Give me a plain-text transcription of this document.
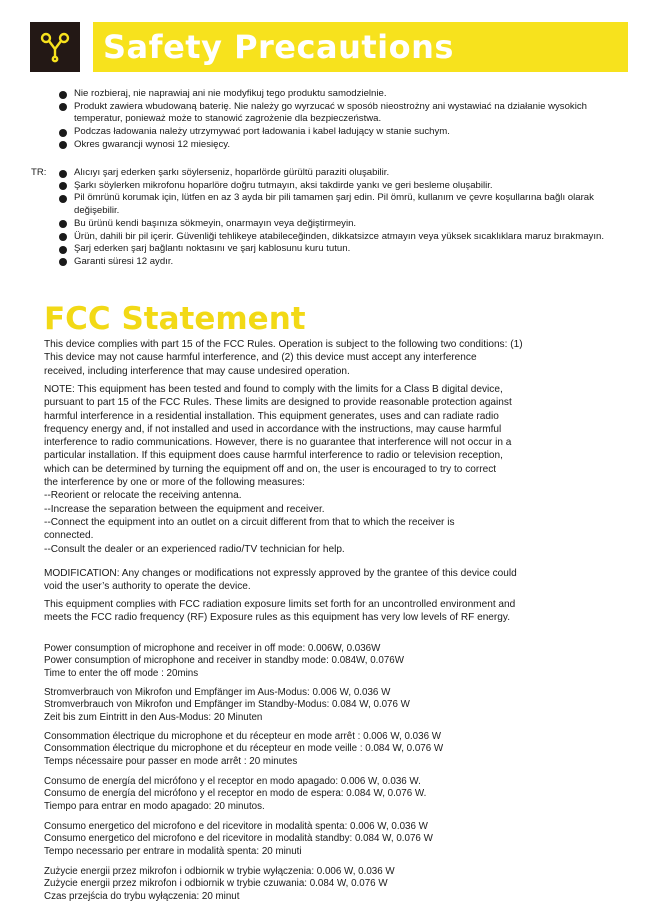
Safety Precautions
Nie rozbieraj, nie naprawiaj ani nie modyfikuj tego produktu samodzielnie.
Produkt zawiera wbudowaną baterię. Nie należy go wyrzucać w sposób nieostrożny ani wystawiać na działanie wysokich temperatur, ponieważ może to stanowić zagrożenie dla bezpieczeństwa.
Podczas ładowania należy utrzymywać port ładowania i kabel ładujący w stanie suchym.
Okres gwarancji wynosi 12 miesięcy.
TR:	Alıcıyı şarj ederken şarkı söylerseniz, hoparlörde gürültü paraziti oluşabilir.
Şarkı söylerken mikrofonu hoparlöre doğru tutmayın, aksi takdirde yankı ve geri besleme oluşabilir.
Pil ömrünü korumak için, lütfen en az 3 ayda bir pili tamamen şarj edin. Pil ömrü, kullanım ve çevre koşullarına bağlı olarak değişebilir.
Bu ürünü kendi başınıza sökmeyin, onarmayın veya değiştirmeyin.
Ürün, dahili bir pil içerir. Güvenliği tehlikeye atabileceğinden, dikkatsizce atmayın veya yüksek sıcaklıklara maruz bırakmayın.
Şarj ederken şarj bağlantı noktasını ve şarj kablosunu kuru tutun.
Garanti süresi 12 aydır.
FCC Statement

This device complies with part 15 of the FCC Rules. Operation is subject to the following two conditions: (1)
This device may not cause harmful interference, and (2) this device must accept any interference
received, including interference that may cause undesired operation.

NOTE: This equipment has been tested and found to comply with the limits for a Class B digital device,
pursuant to part 15 of the FCC Rules. These limits are designed to provide reasonable protection against
harmful interference in a residential installation. This equipment generates, uses and can radiate radio
frequency energy and, if not installed and used in accordance with the instructions, may cause harmful
interference to radio communications. However, there is no guarantee that interference will not occur in a
particular installation. If this equipment does cause harmful interference to radio or television reception,
which can be determined by turning the equipment off and on, the user is encouraged to try to correct
the interference by one or more of the following measures:
--Reorient or relocate the receiving antenna.
--Increase the separation between the equipment and receiver.
--Connect the equipment into an outlet on a circuit different from that to which the receiver is
connected.
--Consult the dealer or an experienced radio/TV technician for help.

MODIFICATION: Any changes or modifications not expressly approved by the grantee of this device could
void the user’s authority to operate the device.

This equipment complies with FCC radiation exposure limits set forth for an uncontrolled environment and
meets the FCC radio frequency (RF) Exposure rules as this equipment has very low levels of RF energy.

Power consumption of microphone and receiver in off mode: 0.006W, 0.036W
Power consumption of microphone and receiver in standby mode: 0.084W, 0.076W
Time to enter the off mode : 20mins

Stromverbrauch von Mikrofon und Empfänger im Aus-Modus: 0.006 W, 0.036 W
Stromverbrauch von Mikrofon und Empfänger im Standby-Modus: 0.084 W, 0.076 W
Zeit bis zum Eintritt in den Aus-Modus: 20 Minuten

Consommation électrique du microphone et du récepteur en mode arrêt : 0.006 W, 0.036 W
Consommation électrique du microphone et du récepteur en mode veille : 0.084 W, 0.076 W
Temps nécessaire pour passer en mode arrêt : 20 minutes

Consumo de energía del micrófono y el receptor en modo apagado: 0.006 W, 0.036 W.
Consumo de energía del micrófono y el receptor en modo de espera: 0.084 W, 0.076 W.
Tiempo para entrar en modo apagado: 20 minutos.

Consumo energetico del microfono e del ricevitore in modalità spenta: 0.006 W, 0.036 W
Consumo energetico del microfono e del ricevitore in modalità standby: 0.084 W, 0.076 W
Tempo necessario per entrare in modalità spenta: 20 minuti

Zużycie energii przez mikrofon i odbiornik w trybie wyłączenia: 0.006 W, 0.036 W
Zużycie energii przez mikrofon i odbiornik w trybie czuwania: 0.084 W, 0.076 W
Czas przejścia do trybu wyłączenia: 20 minut
